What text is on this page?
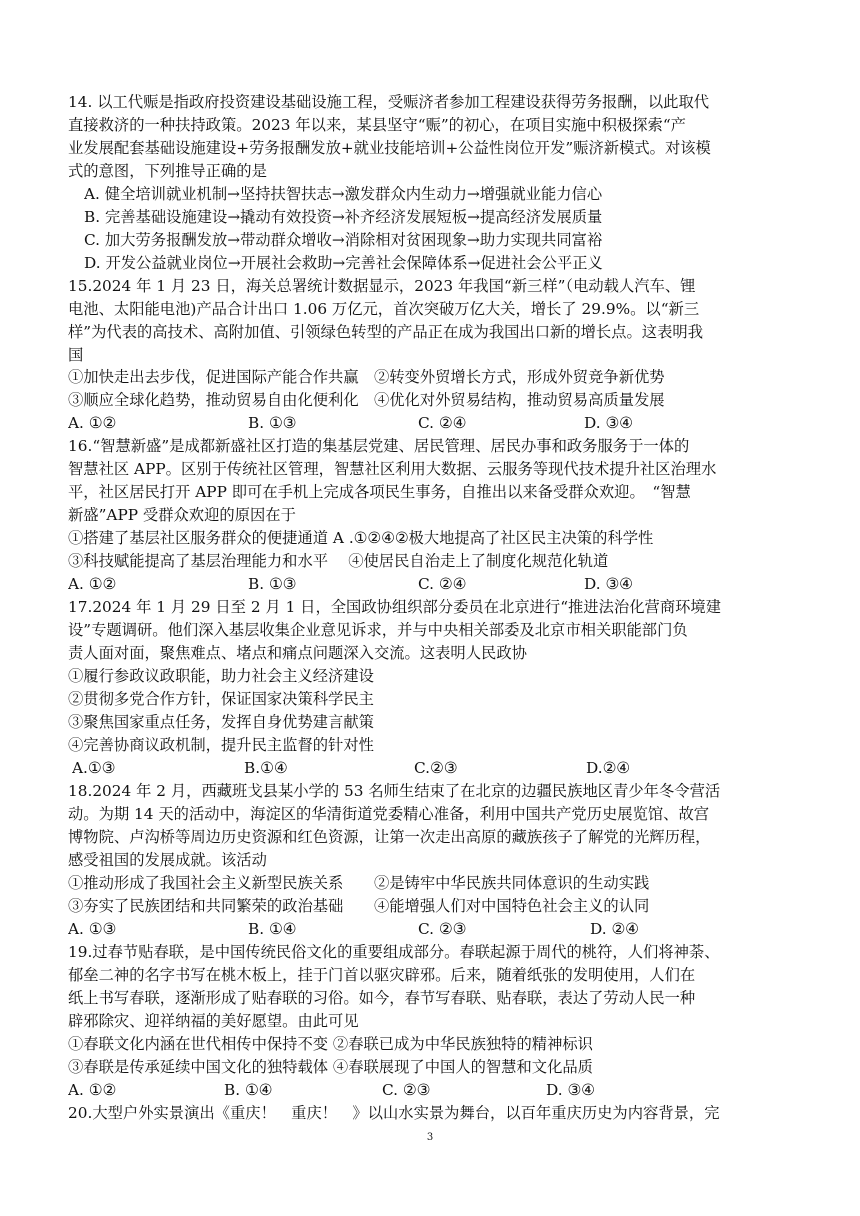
14. 以工代赈是指政府投资建设基础设施工程，受赈济者参加工程建设获得劳务报酬，以此取代
直接救济的一种扶持政策。2023 年以来，某县坚守“赈”的初心，在项目实施中积极探索“产
业发展配套基础设施建设+劳务报酬发放+就业技能培训+公益性岗位开发”赈济新模式。对该模
式的意图，下列推导正确的是
A. 健全培训就业机制→坚持扶智扶志→激发群众内生动力→增强就业能力信心
B. 完善基础设施建设→撬动有效投资→补齐经济发展短板→提高经济发展质量
C. 加大劳务报酬发放→带动群众增收→消除相对贫困现象→助力实现共同富裕
D. 开发公益就业岗位→开展社会救助→完善社会保障体系→促进社会公平正义
15.2024 年 1 月 23 日，海关总署统计数据显示，2023 年我国“新三样”（电动载人汽车、锂
电池、太阳能电池)产品合计出口 1.06 万亿元，首次突破万亿大关，增长了 29.9%。以“新三
样”为代表的高技术、高附加值、引领绿色转型的产品正在成为我国出口新的增长点。这表明我
国
①加快走出去步伐，促进国际产能合作共赢　②转变外贸增长方式，形成外贸竞争新优势
③顺应全球化趋势，推动贸易自由化便利化　④优化对外贸易结构，推动贸易高质量发展
A. ①②	B. ①③	C. ②④	D. ③④
16.“智慧新盛”是成都新盛社区打造的集基层党建、居民管理、居民办事和政务服务于一体的
智慧社区 APP。区别于传统社区管理，智慧社区利用大数据、云服务等现代技术提升社区治理水
平，社区居民打开 APP 即可在手机上完成各项民生事务，自推出以来备受群众欢迎。　“智慧
新盛”APP 受群众欢迎的原因在于
①搭建了基层社区服务群众的便捷通道 A .①②④②极大地提高了社区民主决策的科学性
③科技赋能提高了基层治理能力和水平　 ④使居民自治走上了制度化规范化轨道
A. ①②	B. ①③	C. ②④	D. ③④
17.2024 年 1 月 29 日至 2 月 1 日，全国政协组织部分委员在北京进行“推进法治化营商环境建
设”专题调研。他们深入基层收集企业意见诉求，并与中央相关部委及北京市相关职能部门负
责人面对面，聚焦难点、堵点和痛点问题深入交流。这表明人民政协
①履行参政议政职能，助力社会主义经济建设
②贯彻多党合作方针，保证国家决策科学民主
③聚焦国家重点任务，发挥自身优势建言献策
④完善协商议政机制，提升民主监督的针对性
A.①③	B.①④	C.②③	D.②④
18.2024 年 2 月，西藏班戈县某小学的 53 名师生结束了在北京的边疆民族地区青少年冬令营活
动。为期 14 天的活动中，海淀区的华清街道党委精心准备，利用中国共产党历史展览馆、故宫
博物院、卢沟桥等周边历史资源和红色资源，让第一次走出高原的藏族孩子了解党的光辉历程，
感受祖国的发展成就。该活动
①推动形成了我国社会主义新型民族关系　　②是铸牢中华民族共同体意识的生动实践
③夯实了民族团结和共同繁荣的政治基础　　④能增强人们对中国特色社会主义的认同
A. ①③	B. ①④	C. ②③	D. ②④
19.过春节贴春联，是中国传统民俗文化的重要组成部分。春联起源于周代的桃符，人们将神荼、
郁垒二神的名字书写在桃木板上，挂于门首以驱灾辟邪。后来，随着纸张的发明使用，人们在
纸上书写春联，逐渐形成了贴春联的习俗。如今，春节写春联、贴春联，表达了劳动人民一种
辟邪除灾、迎祥纳福的美好愿望。由此可见
①春联文化内涵在世代相传中保持不变 ②春联已成为中华民族独特的精神标识
③春联是传承延续中国文化的独特载体 ④春联展现了中国人的智慧和文化品质
A. ①②	B. ①④	C. ②③	D. ③④
20.大型户外实景演出《重庆！　重庆！　》以山水实景为舞台，以百年重庆历史为内容背景，完
3
